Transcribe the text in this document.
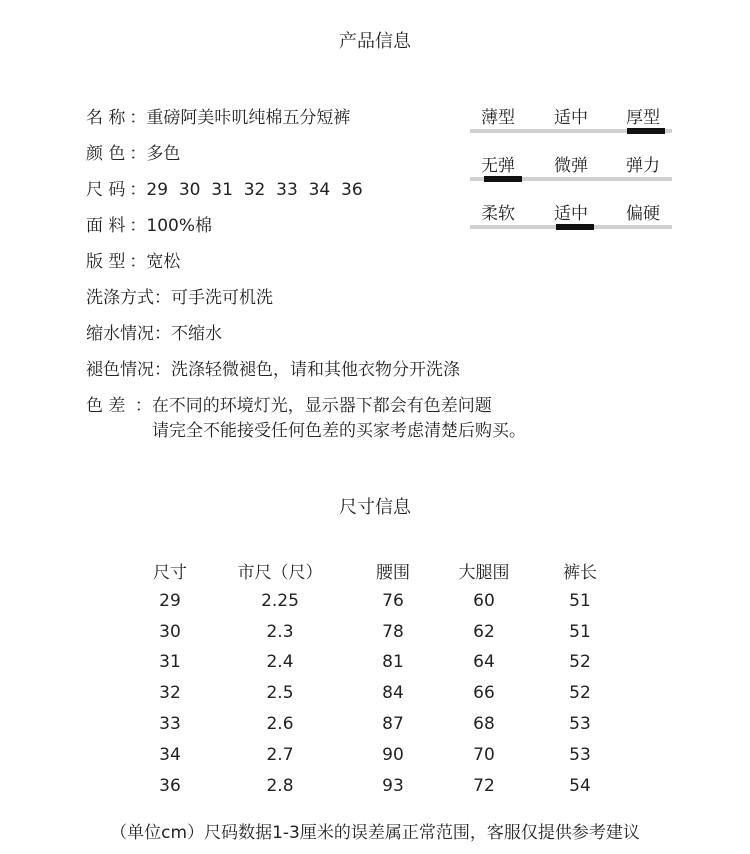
产品信息
名 称 ：重磅阿美咔叽纯棉五分短裤
颜 色 ：多色
尺 码 ：29  30  31  32  33  34  36
面 料 ：100%棉
版 型 ：宽松
洗涤方式：可手洗可机洗
缩水情况：不缩水
褪色情况：洗涤轻微褪色，请和其他衣物分开洗涤
色 差 ：在不同的环境灯光，显示器下都会有色差问题
请完全不能接受任何色差的买家考虑清楚后购买。
薄型	适中	厚型
无弹	微弹	弹力
柔软	适中	偏硬
尺寸信息
尺寸	市尺（尺）	腰围	大腿围	裤长
29	2.25	76	60	51
30	2.3	78	62	51
31	2.4	81	64	52
32	2.5	84	66	52
33	2.6	87	68	53
34	2.7	90	70	53
36	2.8	93	72	54
（单位cm）尺码数据1-3厘米的误差属正常范围，客服仅提供参考建议
